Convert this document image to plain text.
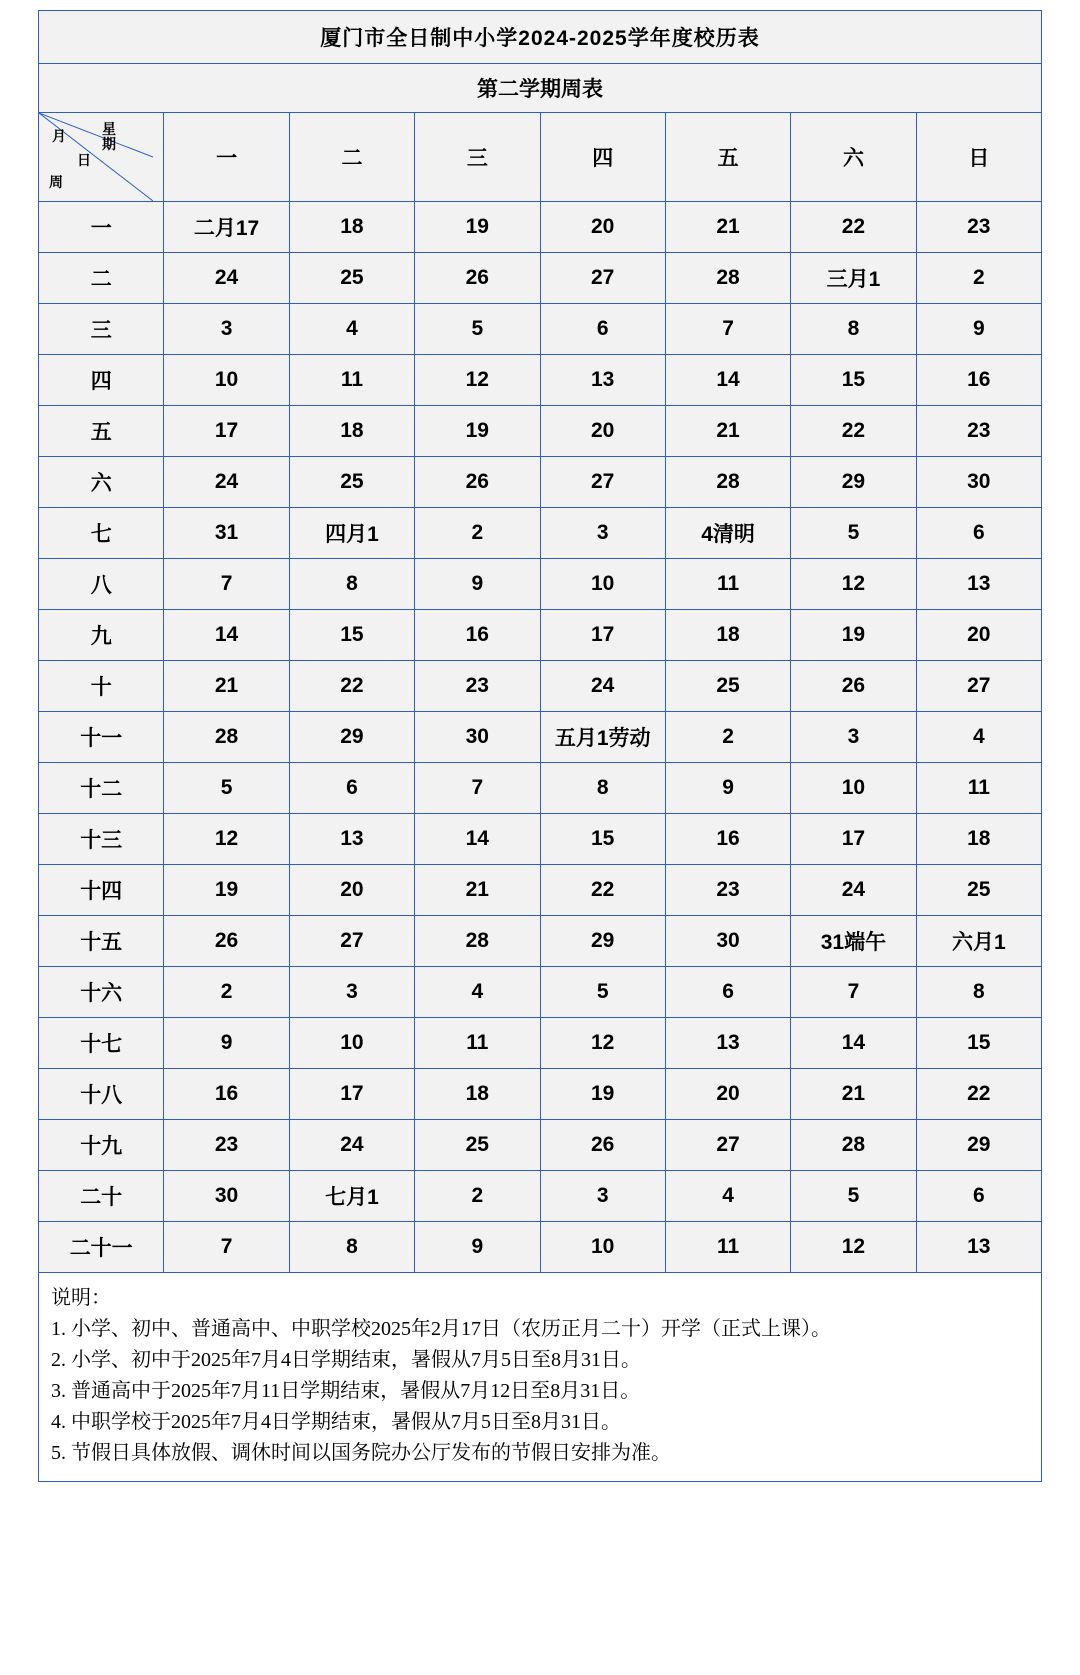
厦门市全日制中小学2024-2025学年度校历表							
第二学期周表							

月 星 期
日
周	一	二	三	四	五	六	日
一	二月17	18	19	20	21	22	23
二	24	25	26	27	28	三月1	2
三	3	4	5	6	7	8	9
四	10	11	12	13	14	15	16
五	17	18	19	20	21	22	23
六	24	25	26	27	28	29	30
七	31	四月1	2	3	4清明	5	6
八	7	8	9	10	11	12	13
九	14	15	16	17	18	19	20
十	21	22	23	24	25	26	27
十一	28	29	30	五月1劳动	2	3	4
十二	5	6	7	8	9	10	11
十三	12	13	14	15	16	17	18
十四	19	20	21	22	23	24	25
十五	26	27	28	29	30	31端午	六月1
十六	2	3	4	5	6	7	8
十七	9	10	11	12	13	14	15
十八	16	17	18	19	20	21	22
十九	23	24	25	26	27	28	29
二十	30	七月1	2	3	4	5	6
二十一	7	8	9	10	11	12	13
说明：
1. 小学、初中、普通高中、中职学校2025年2月17日（农历正月二十）开学（正式上课）。
2. 小学、初中于2025年7月4日学期结束，暑假从7月5日至8月31日。
3. 普通高中于2025年7月11日学期结束，暑假从7月12日至8月31日。
4. 中职学校于2025年7月4日学期结束，暑假从7月5日至8月31日。
5. 节假日具体放假、调休时间以国务院办公厅发布的节假日安排为准。
